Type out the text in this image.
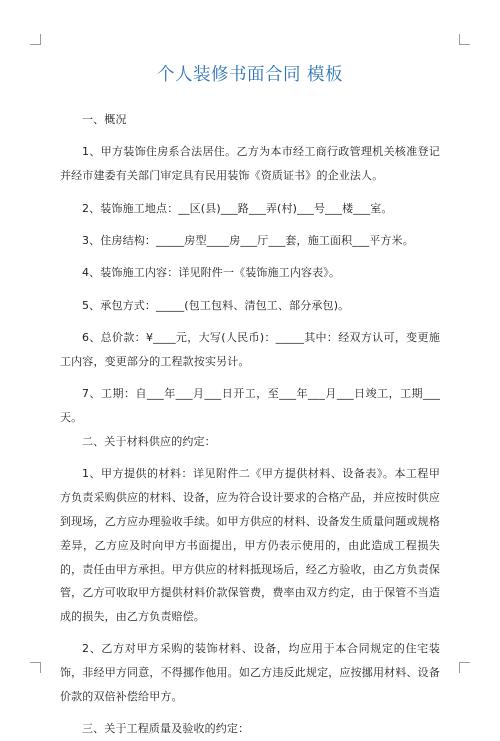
个人装修书面合同 模板

一、概况

1、甲方装饰住房系合法居住。乙方为本市经工商行政管理机关核准登记并经市建委有关部门审定具有民用装饰《资质证书》的企业法人。

2、装饰施工地点：__区(县)___路___弄(村)___号___楼___室。

3、住房结构：_____房型____房___厅___套，施工面积___平方米。

4、装饰施工内容：详见附件一《装饰施工内容表》。

5、承包方式：_____(包工包料、清包工、部分承包)。

6、总价款：¥____元，大写(人民币)：_____其中：经双方认可，变更施工内容，变更部分的工程款按实另计。

7、工期：自___年___月___日开工，至___年___月___日竣工，工期___天。

二、关于材料供应的约定：

1、甲方提供的材料：详见附件二《甲方提供材料、设备表》。本工程甲方负责采购供应的材料、设备，应为符合设计要求的合格产品，并应按时供应到现场，乙方应办理验收手续。如甲方供应的材料、设备发生质量问题或规格差异，乙方应及时向甲方书面提出，甲方仍表示使用的，由此造成工程损失的，责任由甲方承担。甲方供应的材料抵现场后，经乙方验收，由乙方负责保管，乙方可收取甲方提供材料价款保管费，费率由双方约定，由于保管不当造成的损失，由乙方负责赔偿。

2、乙方对甲方采购的装饰材料、设备，均应用于本合同规定的住宅装饰，非经甲方同意，不得挪作他用。如乙方违反此规定，应按挪用材料、设备价款的双倍补偿给甲方。

三、关于工程质量及验收的约定：
